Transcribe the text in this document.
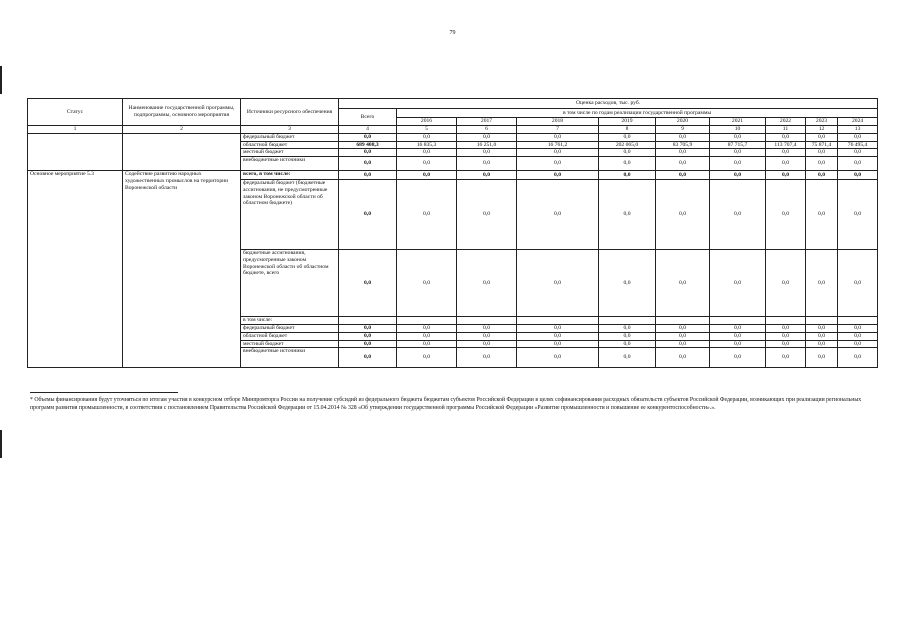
79
Статус	Наименование государственной программы, подпрограммы, основного мероприятия	Источники ресурсного обеспечения	Оценка расходов, тыс. руб.									
			Всего	в том числе по годам реализации государственной программы								
				2016	2017	2018	2019	2020	2021	2022	2023	2024
1	2	3	4	5	6	7	8	9	10	11	12	13
		федеральный бюджет	0,0	0,0	0,0	0,0	0,0	0,0	0,0	0,0	0,0	0,0
		областной бюджет	689 408,3	16 835,3	16 251,0	16 761,2	202 065,0	83 705,9	87 715,7	113 707,4	75 871,4	76 495,4
		местный бюджет	0,0	0,0	0,0	0,0	0,0	0,0	0,0	0,0	0,0	0,0
		внебюджетные источники	0,0	0,0	0,0	0,0	0,0	0,0	0,0	0,0	0,0	0,0
Основное мероприятие 5.3	Содействие развитию народных художественных промыслов на территории Воронежской области	всего, в том числе:	0,0	0,0	0,0	0,0	0,0	0,0	0,0	0,0	0,0	0,0
		федеральный бюджет (бюджетные ассигнования, не предусмотренные законом Воронежской области об областном бюджете)	0,0	0,0	0,0	0,0	0,0	0,0	0,0	0,0	0,0	0,0
		бюджетные ассигнования, предусмотренные законом Воронежской области об областном бюджете, всего	0,0	0,0	0,0	0,0	0,0	0,0	0,0	0,0	0,0	0,0
		в том числе:										
		федеральный бюджет	0,0	0,0	0,0	0,0	0,0	0,0	0,0	0,0	0,0	0,0
		областной бюджет	0,0	0,0	0,0	0,0	0,0	0,0	0,0	0,0	0,0	0,0
		местный бюджет	0,0	0,0	0,0	0,0	0,0	0,0	0,0	0,0	0,0	0,0
		внебюджетные источники	0,0	0,0	0,0	0,0	0,0	0,0	0,0	0,0	0,0	0,0
* Объемы финансирования будут уточняться по итогам участия в конкурсном отборе Минпромторга России на получение субсидий из федерального бюджета бюджетам субъектов Российской Федерации в целях софинансирования расходных обязательств субъектов Российской Федерации, возникающих при реализации региональных программ развития промышленности, в соответствии с постановлением Правительства Российской Федерации от 15.04.2014 № 328 «Об утверждении государственной программы Российской Федерации «Развитие промышленности и повышение ее конкурентоспособности».».
